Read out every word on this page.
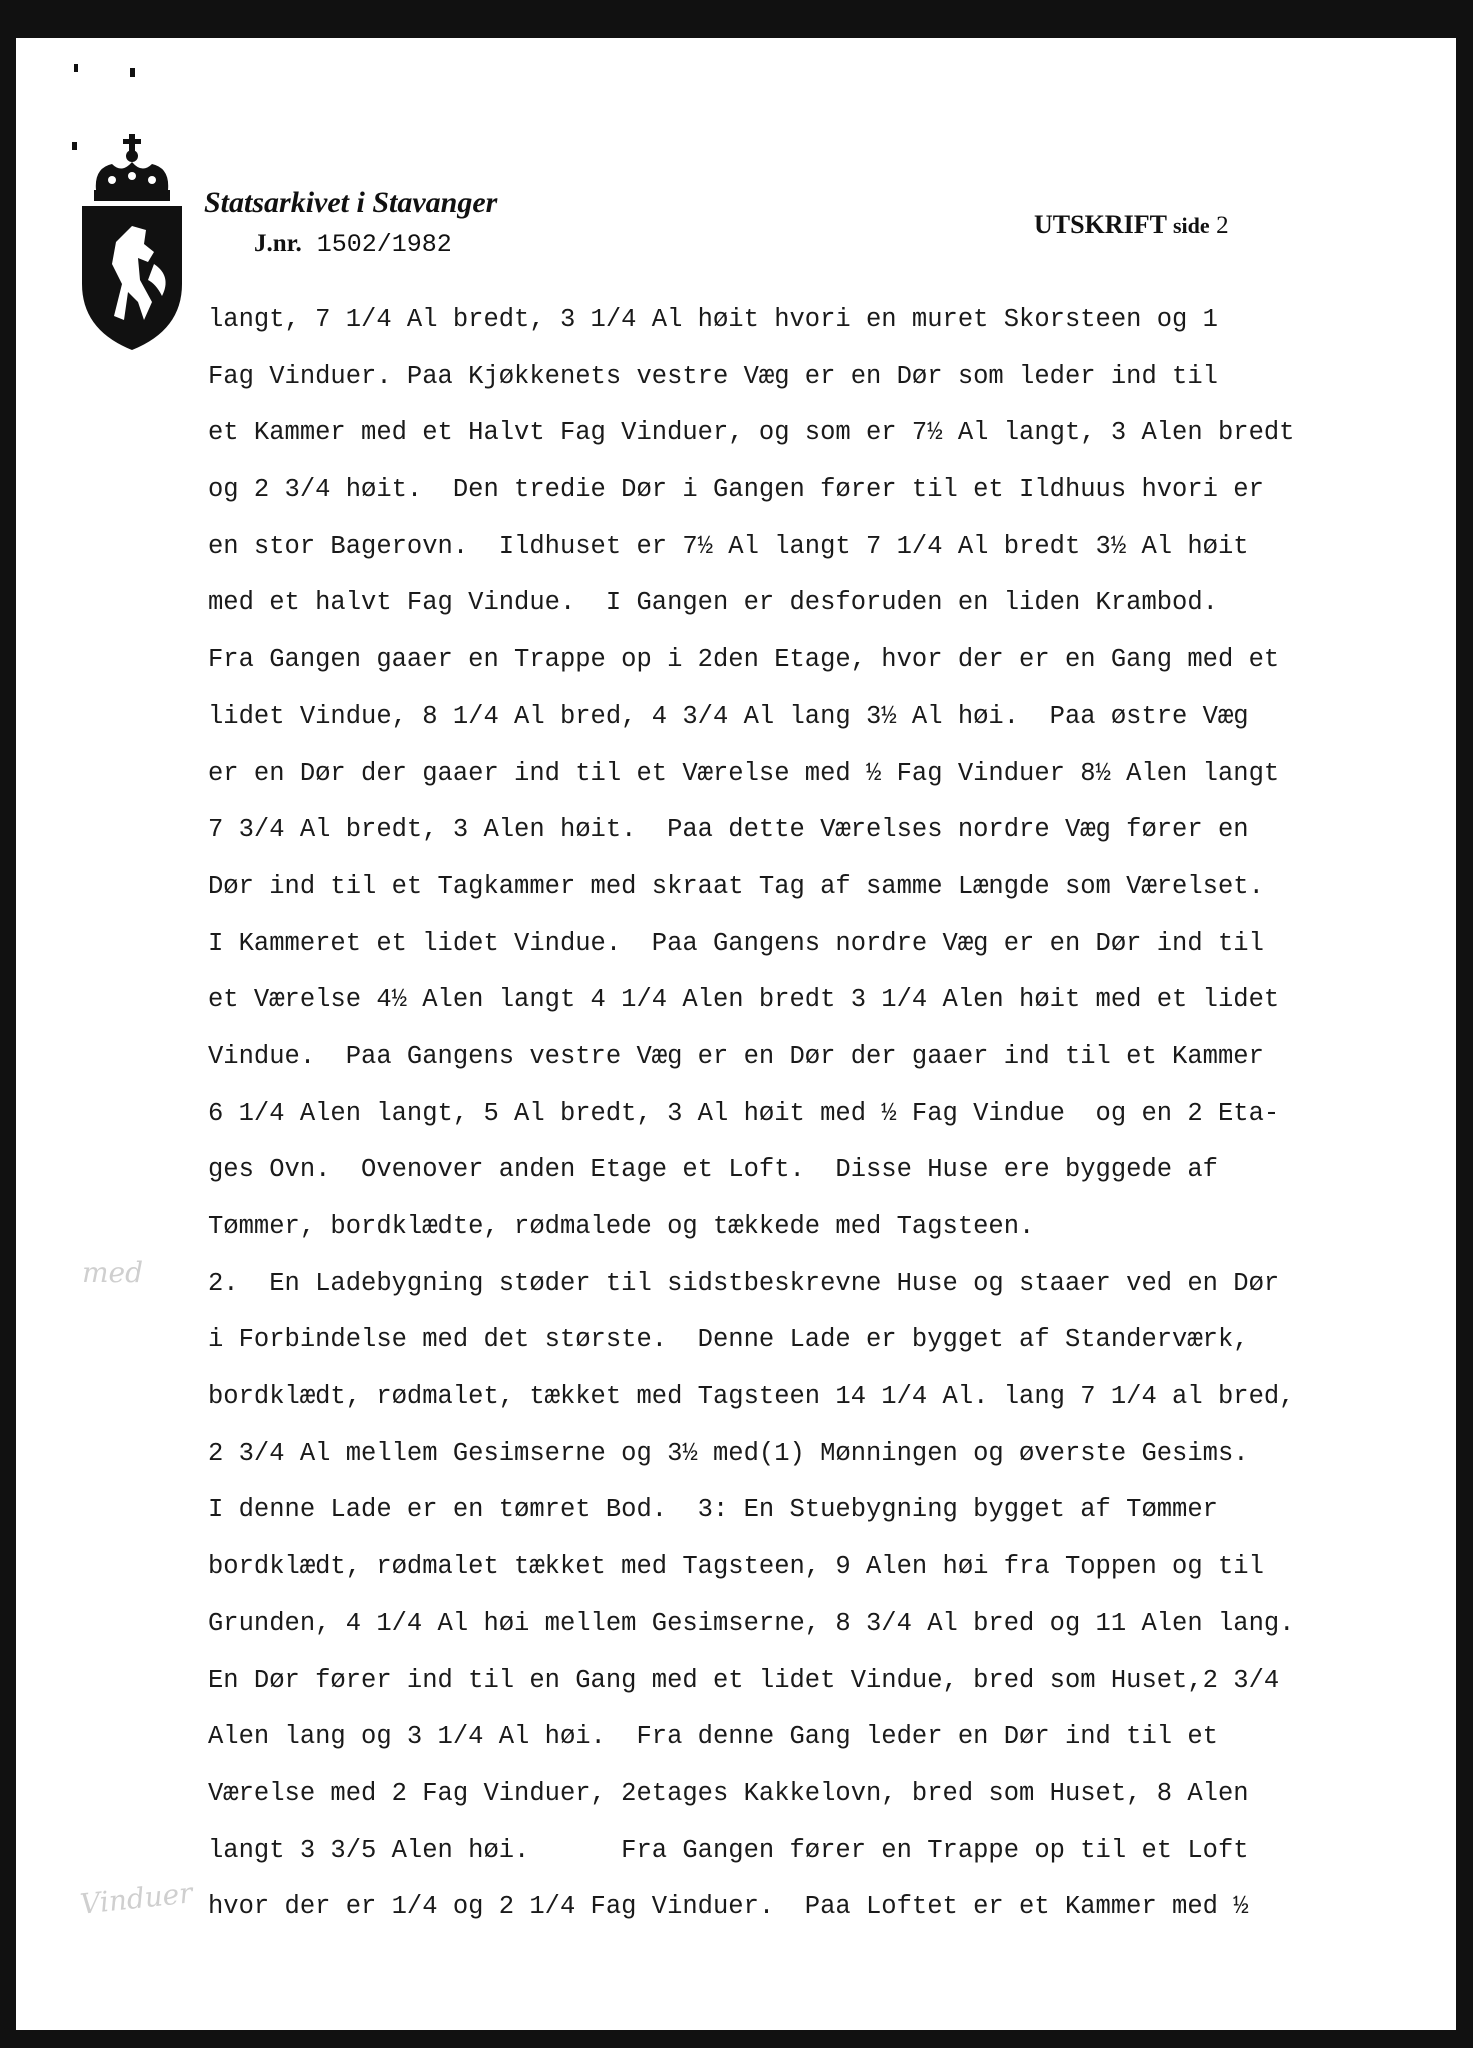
Statsarkivet i Stavanger
J.nr. 1502/1982
UTSKRIFT side 2
langt, 7 1/4 Al bredt, 3 1/4 Al høit hvori en muret Skorsteen og 1
Fag Vinduer. Paa Kjøkkenets vestre Væg er en Dør som leder ind til
et Kammer med et Halvt Fag Vinduer, og som er 7½ Al langt, 3 Alen bredt
og 2 3/4 høit.  Den tredie Dør i Gangen fører til et Ildhuus hvori er
en stor Bagerovn.  Ildhuset er 7½ Al langt 7 1/4 Al bredt 3½ Al høit
med et halvt Fag Vindue.  I Gangen er desforuden en liden Krambod.
Fra Gangen gaaer en Trappe op i 2den Etage, hvor der er en Gang med et
lidet Vindue, 8 1/4 Al bred, 4 3/4 Al lang 3½ Al høi.  Paa østre Væg
er en Dør der gaaer ind til et Værelse med ½ Fag Vinduer 8½ Alen langt
7 3/4 Al bredt, 3 Alen høit.  Paa dette Værelses nordre Væg fører en
Dør ind til et Tagkammer med skraat Tag af samme Længde som Værelset.
I Kammeret et lidet Vindue.  Paa Gangens nordre Væg er en Dør ind til
et Værelse 4½ Alen langt 4 1/4 Alen bredt 3 1/4 Alen høit med et lidet
Vindue.  Paa Gangens vestre Væg er en Dør der gaaer ind til et Kammer
6 1/4 Alen langt, 5 Al bredt, 3 Al høit med ½ Fag Vindue  og en 2 Eta-
ges Ovn.  Ovenover anden Etage et Loft.  Disse Huse ere byggede af
Tømmer, bordklædte, rødmalede og tækkede med Tagsteen.
2.  En Ladebygning støder til sidstbeskrevne Huse og staaer ved en Dør
i Forbindelse med det største.  Denne Lade er bygget af Standerværk,
bordklædt, rødmalet, tækket med Tagsteen 14 1/4 Al. lang 7 1/4 al bred,
2 3/4 Al mellem Gesimserne og 3½ med(1) Mønningen og øverste Gesims.
I denne Lade er en tømret Bod.  3: En Stuebygning bygget af Tømmer
bordklædt, rødmalet tækket med Tagsteen, 9 Alen høi fra Toppen og til
Grunden, 4 1/4 Al høi mellem Gesimserne, 8 3/4 Al bred og 11 Alen lang.
En Dør fører ind til en Gang med et lidet Vindue, bred som Huset,2 3/4
Alen lang og 3 1/4 Al høi.  Fra denne Gang leder en Dør ind til et
Værelse med 2 Fag Vinduer, 2etages Kakkelovn, bred som Huset, 8 Alen
langt 3 3/5 Alen høi.      Fra Gangen fører en Trappe op til et Loft
hvor der er 1/4 og 2 1/4 Fag Vinduer.  Paa Loftet er et Kammer med ½
med
Vinduer
